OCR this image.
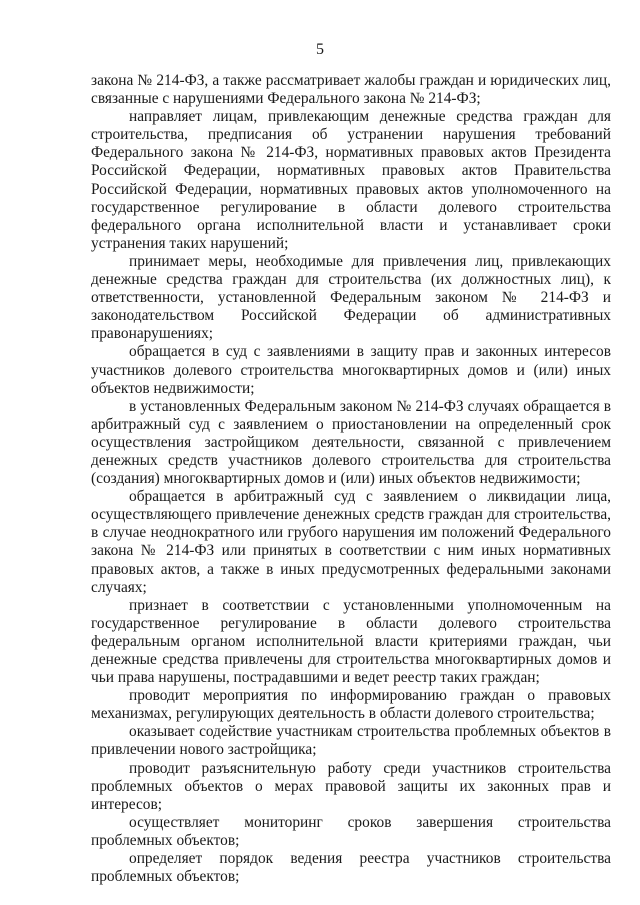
5

закона № 214-ФЗ, а также рассматривает жалобы граждан и юридических лиц, связанные с нарушениями Федерального закона № 214-ФЗ;

направляет лицам, привлекающим денежные средства граждан для строительства, предписания об устранении нарушения требований Федерального закона № 214-ФЗ, нормативных правовых актов Президента Российской Федерации, нормативных правовых актов Правительства Российской Федерации, нормативных правовых актов уполномоченного на государственное регулирование в области долевого строительства федерального органа исполнительной власти и устанавливает сроки устранения таких нарушений;

принимает меры, необходимые для привлечения лиц, привлекающих денежные средства граждан для строительства (их должностных лиц), к ответственности, установленной Федеральным законом № 214-ФЗ и законодательством Российской Федерации об административных правонарушениях;

обращается в суд с заявлениями в защиту прав и законных интересов участников долевого строительства многоквартирных домов и (или) иных объектов недвижимости;

в установленных Федеральным законом № 214-ФЗ случаях обращается в арбитражный суд с заявлением о приостановлении на определенный срок осуществления застройщиком деятельности, связанной с привлечением денежных средств участников долевого строительства для строительства (создания) многоквартирных домов и (или) иных объектов недвижимости;

обращается в арбитражный суд с заявлением о ликвидации лица, осуществляющего привлечение денежных средств граждан для строительства, в случае неоднократного или грубого нарушения им положений Федерального закона № 214-ФЗ или принятых в соответствии с ним иных нормативных правовых актов, а также в иных предусмотренных федеральными законами случаях;

признает в соответствии с установленными уполномоченным на государственное регулирование в области долевого строительства федеральным органом исполнительной власти критериями граждан, чьи денежные средства привлечены для строительства многоквартирных домов и чьи права нарушены, пострадавшими и ведет реестр таких граждан;

проводит мероприятия по информированию граждан о правовых механизмах, регулирующих деятельность в области долевого строительства;

оказывает содействие участникам строительства проблемных объектов в привлечении нового застройщика;

проводит разъяснительную работу среди участников строительства проблемных объектов о мерах правовой защиты их законных прав и интересов;

осуществляет мониторинг сроков завершения строительства проблемных объектов;

определяет порядок ведения реестра участников строительства проблемных объектов;
